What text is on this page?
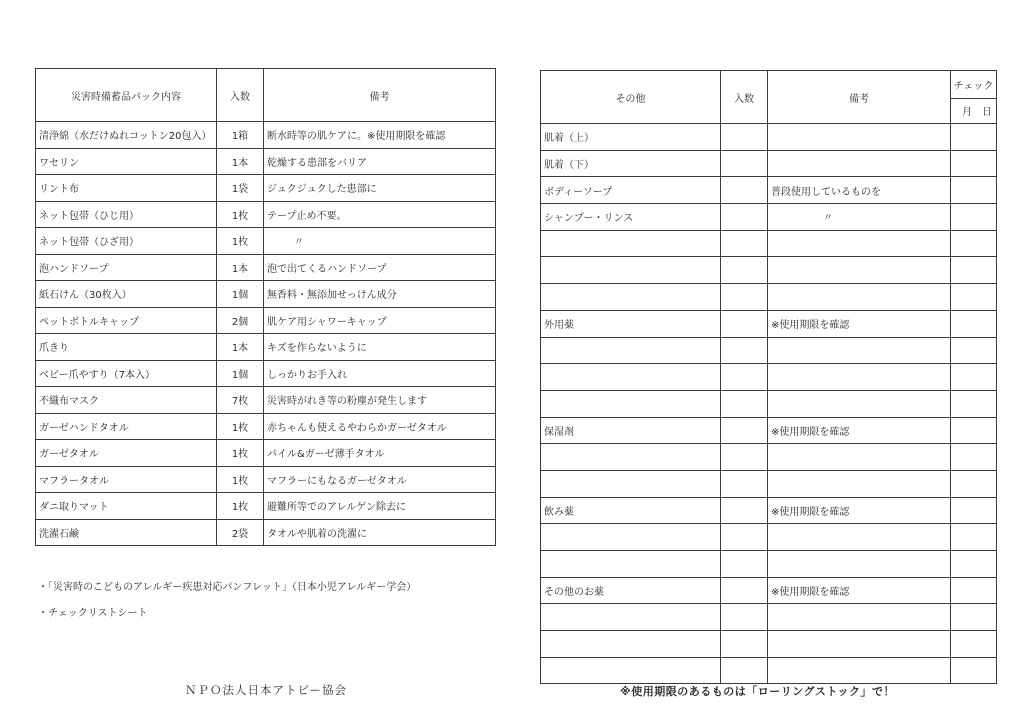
災害時備蓄品パック内容	入数	備考
清浄綿（水だけぬれコットン20包入）	1箱	断水時等の肌ケアに。※使用期限を確認
ワセリン	1本	乾燥する患部をバリア
リント布	1袋	ジュクジュクした患部に
ネット包帯（ひじ用）	1枚	テープ止め不要。
ネット包帯（ひざ用）	1枚	〃
泡ハンドソープ	1本	泡で出てくるハンドソープ
紙石けん（30枚入）	1個	無香料・無添加せっけん成分
ペットボトルキャップ	2個	肌ケア用シャワーキャップ
爪きり	1本	キズを作らないように
ベビー爪やすり（7本入）	1個	しっかりお手入れ
不織布マスク	7枚	災害時がれき等の粉塵が発生します
ガーゼハンドタオル	1枚	赤ちゃんも使えるやわらかガーゼタオル
ガーゼタオル	1枚	パイル&ガーゼ薄手タオル
マフラータオル	1枚	マフラーにもなるガーゼタオル
ダニ取りマット	1枚	避難所等でのアレルゲン除去に
洗濯石鹸	2袋	タオルや肌着の洗濯に
・「災害時のこどものアレルギー疾患対応パンフレット」（日本小児アレルギー学会）
・チェックリストシート
その他	入数	備考	チェック
			月　日
肌着（上）			
肌着（下）			
ボディーソープ		普段使用しているものを	
シャンプー・リンス		〃	

外用薬		※使用期限を確認	

保湿剤		※使用期限を確認	

飲み薬		※使用期限を確認	

その他のお薬		※使用期限を確認	

ＮＰＯ法人日本アトピー協会	※使用期限のあるものは「ローリングストック」で！
